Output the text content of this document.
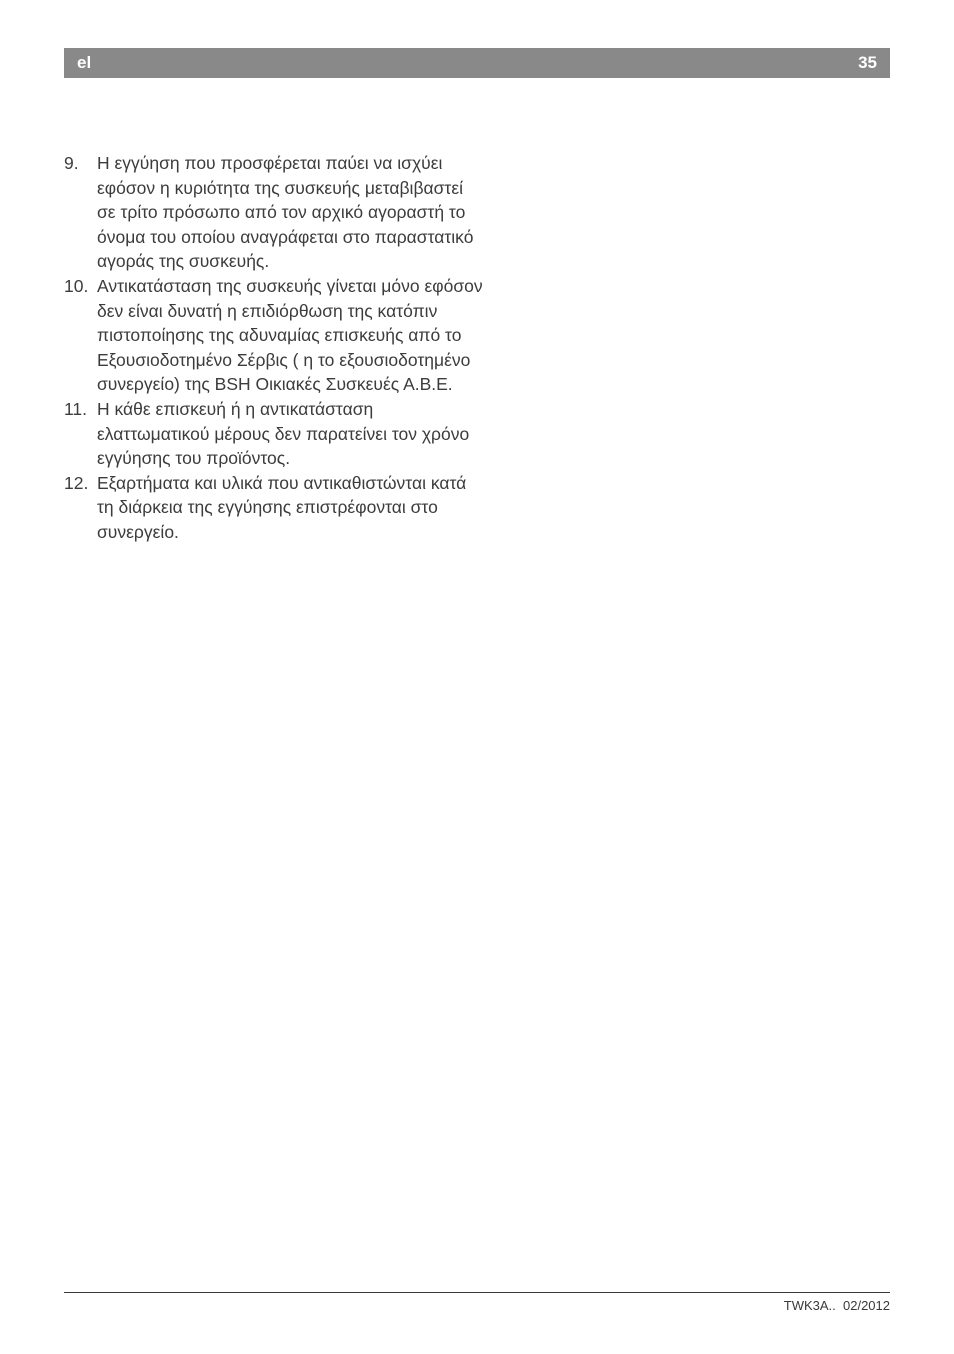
el	35
9. Η εγγύηση που προσφέρεται παύει να ισχύει εφόσον η κυριότητα της συσκευής μεταβιβαστεί σε τρίτο πρόσωπο από τον αρχικό αγοραστή το όνομα του οποίου αναγράφεται στο παραστατικό αγοράς της συσκευής.
10. Αντικατάσταση της συσκευής γίνεται μόνο εφόσον δεν είναι δυνατή η επιδιόρθωση της κατόπιν πιστοποίησης της αδυναμίας επισκευής από το Εξουσιοδοτημένο Σέρβις ( η το εξουσιοδοτημένο συνεργείο) της BSH Οικιακές Συσκευές Α.Β.Ε.
11. Η κάθε επισκευή ή η αντικατάσταση ελαττωματικού μέρους δεν παρατείνει τον χρόνο εγγύησης του προϊόντος.
12. Εξαρτήματα και υλικά που αντικαθιστώνται κατά τη διάρκεια της εγγύησης επιστρέφονται στο συνεργείο.
TWK3A..  02/2012
